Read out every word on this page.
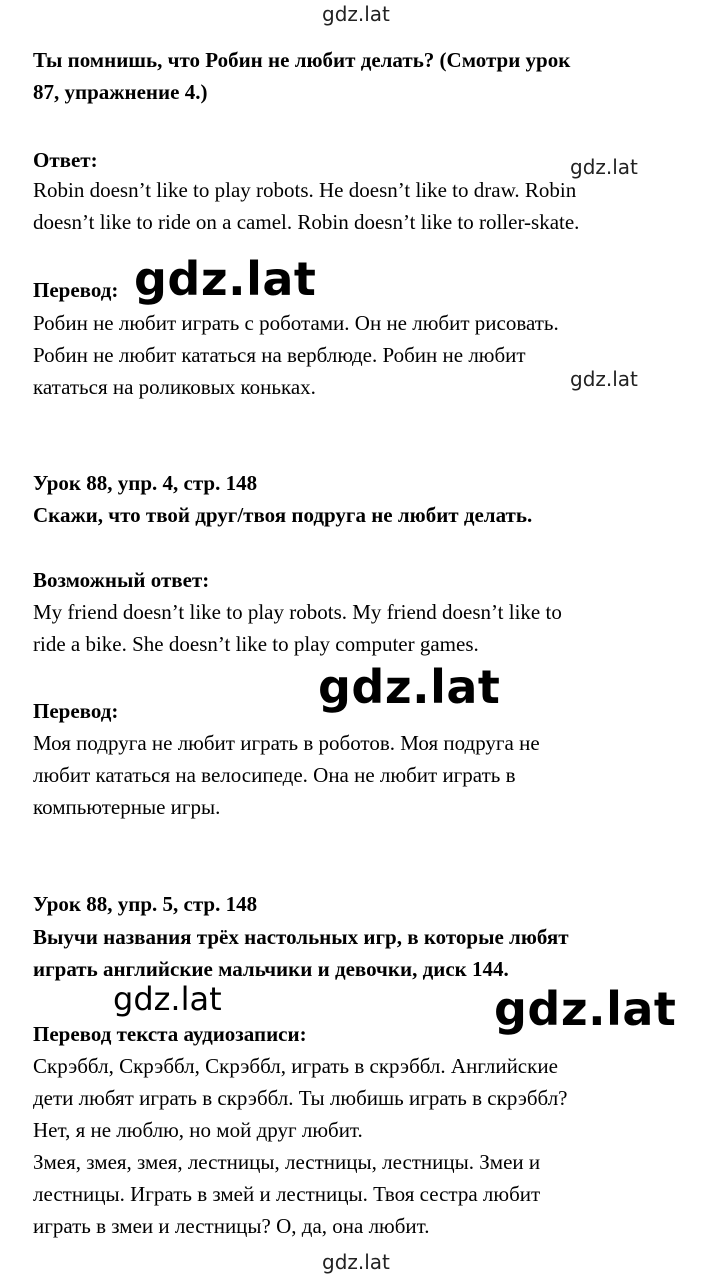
gdz.lat
gdz.lat
gdz.lat
gdz.lat
gdz.lat
gdz.lat	gdz.lat
gdz.lat
Ты помнишь, что Робин не любит делать? (Смотри урок
87, упражнение 4.)
Ответ:
Robin doesn’t like to play robots. He doesn’t like to draw. Robin
doesn’t like to ride on a camel. Robin doesn’t like to roller-skate.
Перевод:
Робин не любит играть с роботами. Он не любит рисовать.
Робин не любит кататься на верблюде. Робин не любит
кататься на роликовых коньках.
Урок 88, упр. 4, стр. 148
Скажи, что твой друг/твоя подруга не любит делать.
Возможный ответ:
My friend doesn’t like to play robots. My friend doesn’t like to
ride a bike. She doesn’t like to play computer games.
Перевод:
Моя подруга не любит играть в роботов. Моя подруга не
любит кататься на велосипеде. Она не любит играть в
компьютерные игры.
Урок 88, упр. 5, стр. 148
Выучи названия трёх настольных игр, в которые любят
играть английские мальчики и девочки, диск 144.
Перевод текста аудиозаписи:
Скрэббл, Скрэббл, Скрэббл, играть в скрэббл. Английские
дети любят играть в скрэббл. Ты любишь играть в скрэббл?
Нет, я не люблю, но мой друг любит.
Змея, змея, змея, лестницы, лестницы, лестницы. Змеи и
лестницы. Играть в змей и лестницы. Твоя сестра любит
играть в змеи и лестницы? О, да, она любит.
